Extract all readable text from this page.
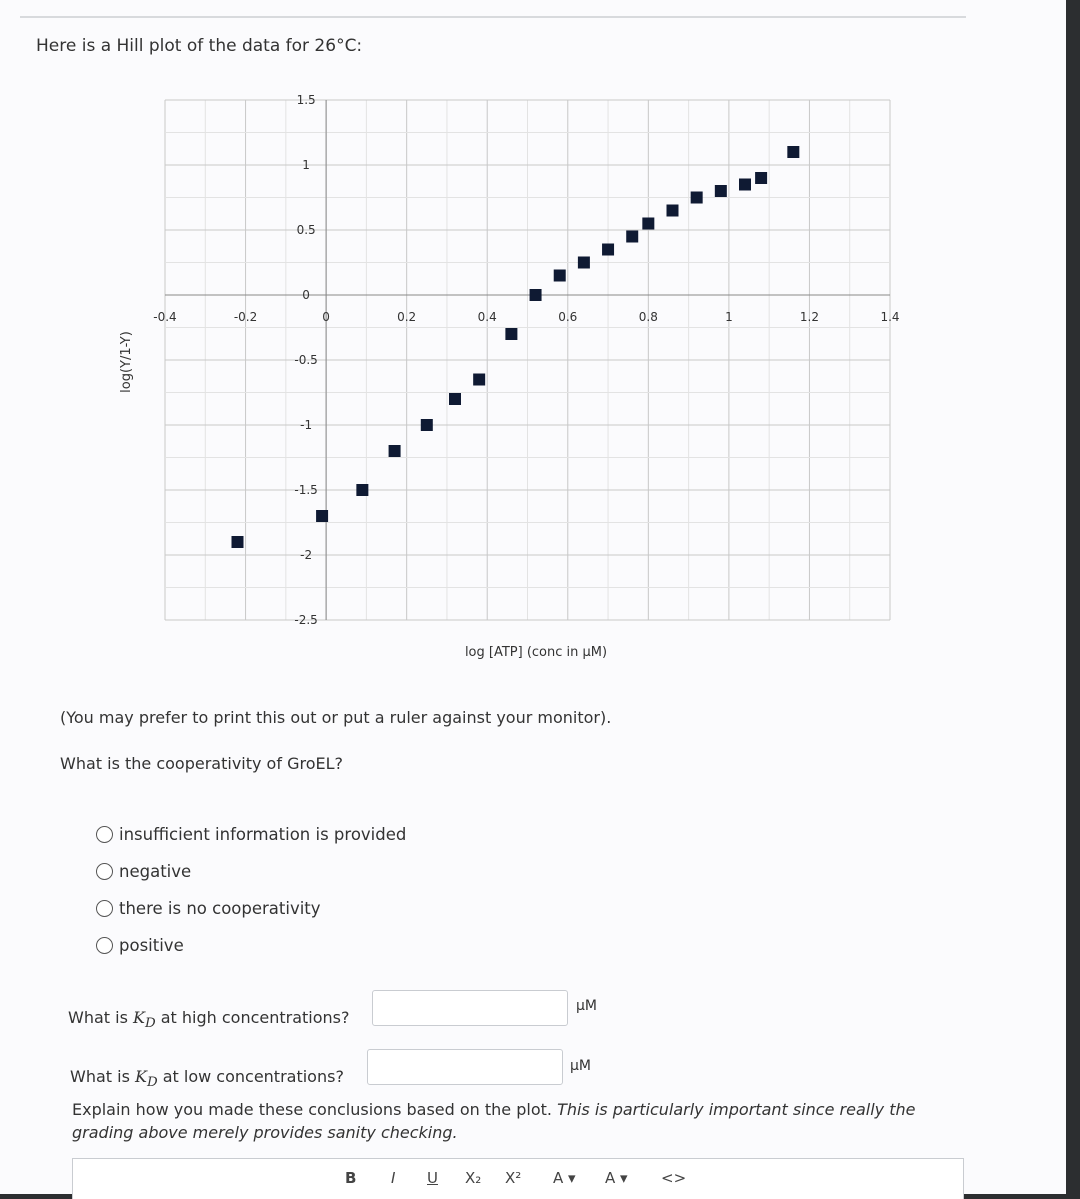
Here is a Hill plot of the data for 26°C:
-0.4	-0.2	0	0.2	0.4	0.6	0.8	1	1.2	1.4
1.5
1
0.5
0
-0.5
-1
-1.5
-2
-2.5
log(Y/1-Y)
log [ATP] (conc in µM)
(You may prefer to print this out or put a ruler against your monitor).
What is the cooperativity of GroEL?
insufficient information is provided
negative
there is no cooperativity
positive
What is $K_D$ at high concentrations?
µM
What is $K_D$ at low concentrations?
µM
Explain how you made these conclusions based on the plot. This is particularly important since really the grading above merely provides sanity checking.
B I U X₂ X² A ▾ A ▾ <>
